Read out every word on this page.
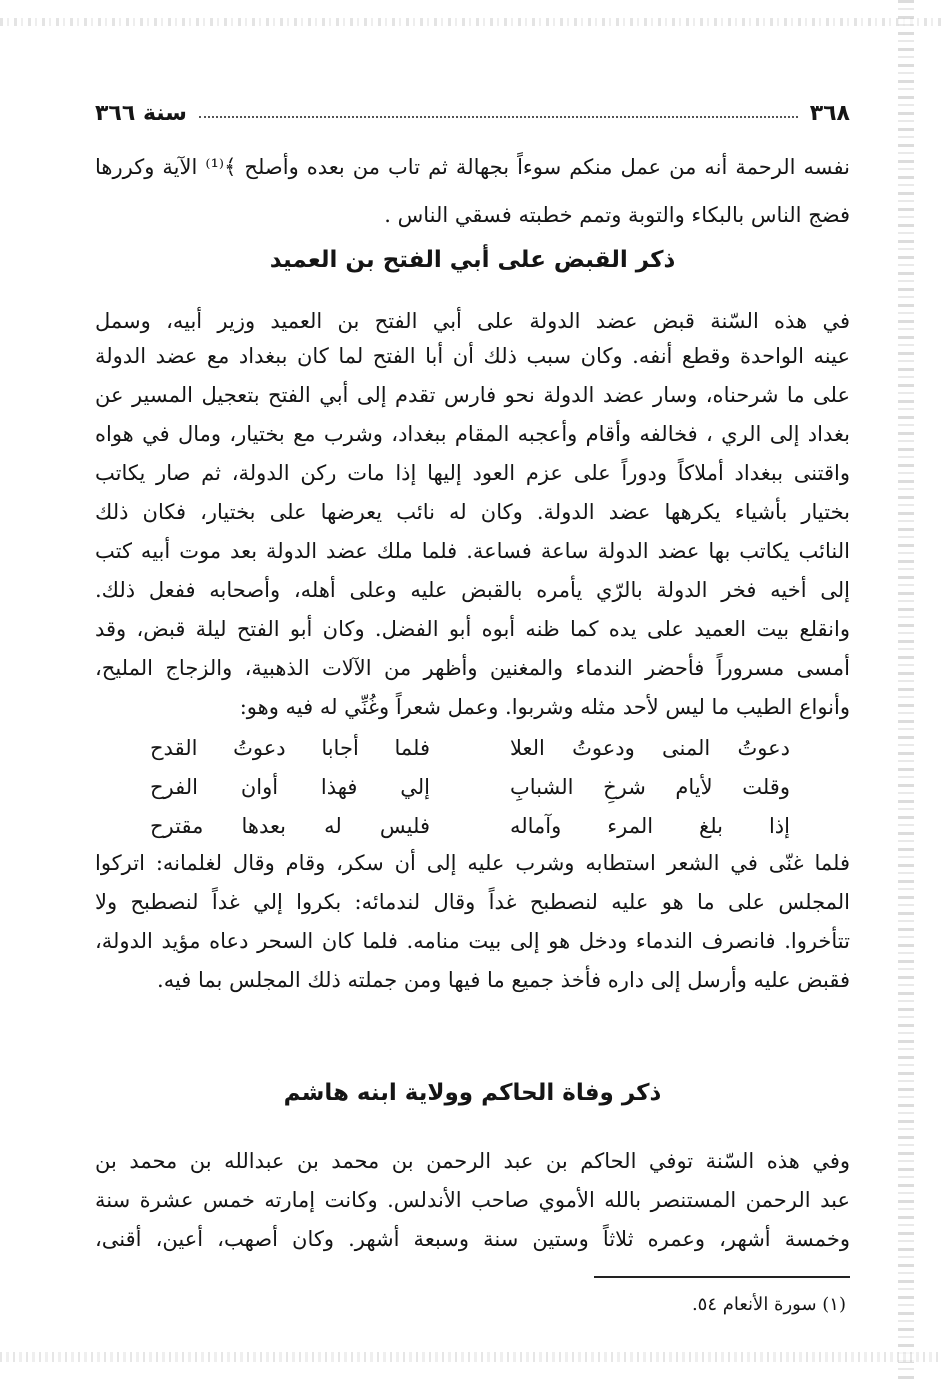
٣٦٨
سنة ٣٦٦
نفسه الرحمة أنه من عمل منكم سوءاً بجهالة ثم تاب من بعده وأصلح ﴾⁽¹⁾ الآية وكررها
فضج الناس بالبكاء والتوبة وتمم خطبته فسقي الناس .
ذكر القبض على أبي الفتح بن العميد
في هذه السّنة قبض عضد الدولة على أبي الفتح بن العميد وزير أبيه، وسمل
عينه الواحدة وقطع أنفه. وكان سبب ذلك أن أبا الفتح لما كان ببغداد مع عضد الدولة
على ما شرحناه، وسار عضد الدولة نحو فارس تقدم إلى أبي الفتح بتعجيل المسير عن
بغداد إلى الري ، فخالفه وأقام وأعجبه المقام ببغداد، وشرب مع بختيار، ومال في هواه
واقتنى ببغداد أملاكاً ودوراً على عزم العود إليها إذا مات ركن الدولة، ثم صار يكاتب
بختيار بأشياء يكرهها عضد الدولة. وكان له نائب يعرضها على بختيار، فكان ذلك
النائب يكاتب بها عضد الدولة ساعة فساعة. فلما ملك عضد الدولة بعد موت أبيه كتب
إلى أخيه فخر الدولة بالرّي يأمره بالقبض عليه وعلى أهله، وأصحابه ففعل ذلك.
وانقلع بيت العميد على يده كما ظنه أبوه أبو الفضل. وكان أبو الفتح ليلة قبض، وقد
أمسى مسروراً فأحضر الندماء والمغنين وأظهر من الآلات الذهبية، والزجاج المليح،
وأنواع الطيب ما ليس لأحد مثله وشربوا. وعمل شعراً وغُنِّي له فيه وهو:
دعوتُ المنى ودعوتُ العلا
فلما أجابا دعوتُ القدح
وقلت لأيام شرخِ الشبابِ
إلي فهذا أوان الفرح
إذا بلغ المرء وآماله
فليس له بعدها مقترح
فلما غنّى في الشعر استطابه وشرب عليه إلى أن سكر، وقام وقال لغلمانه: اتركوا
المجلس على ما هو عليه لنصطبح غداً وقال لندمائه: بكروا إلي غداً لنصطبح ولا
تتأخروا. فانصرف الندماء ودخل هو إلى بيت منامه. فلما كان السحر دعاه مؤيد الدولة،
فقبض عليه وأرسل إلى داره فأخذ جميع ما فيها ومن جملته ذلك المجلس بما فيه.
ذكر وفاة الحاكم وولاية ابنه هاشم
وفي هذه السّنة توفي الحاكم بن عبد الرحمن بن محمد بن عبدالله بن محمد بن
عبد الرحمن المستنصر بالله الأموي صاحب الأندلس. وكانت إمارته خمس عشرة سنة
وخمسة أشهر، وعمره ثلاثاً وستين سنة وسبعة أشهر. وكان أصهب، أعين، أقنى،
(١) سورة الأنعام ٥٤.
